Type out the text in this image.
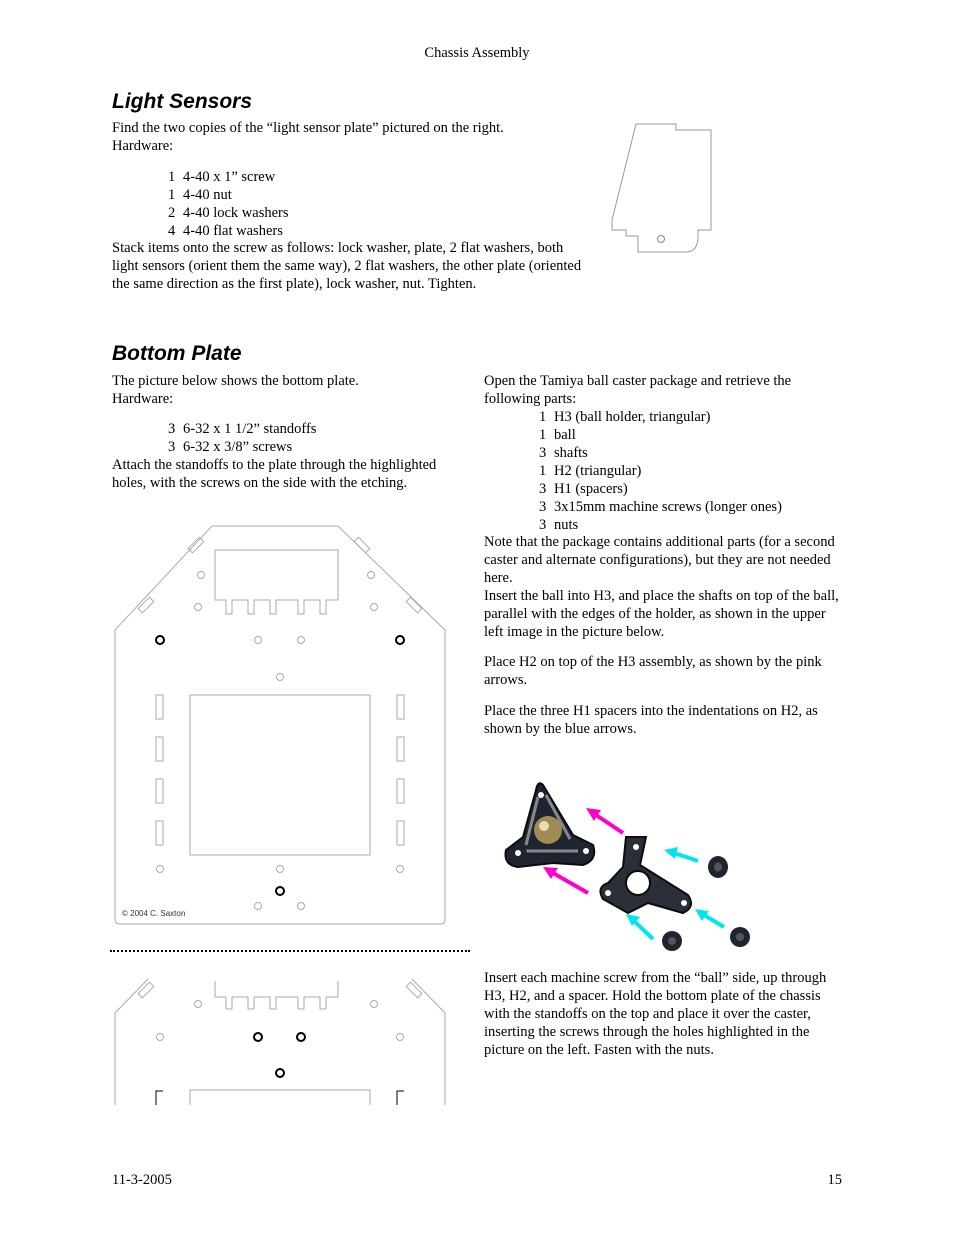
Chassis Assembly
Light Sensors

Find the two copies of the “light sensor plate” pictured on the right.

Hardware:

1 4-40 x 1” screw
1 4-40 nut
2 4-40 lock washers
4 4-40 flat washers

Stack items onto the screw as follows: lock washer, plate, 2 flat washers, both light sensors (orient them the same way), 2 flat washers, the other plate (oriented the same direction as the first plate), lock washer, nut. Tighten.

Bottom Plate

The picture below shows the bottom plate.

Hardware:

3 6-32 x 1 1/2” standoffs
3 6-32 x 3/8” screws

Attach the standoffs to the plate through the highlighted holes, with the screws on the side with the etching.

© 2004 C. Saxton

Open the Tamiya ball caster package and retrieve the following parts:

1 H3 (ball holder, triangular)
1 ball
3 shafts
1 H2 (triangular)
3 H1 (spacers)
3 3x15mm machine screws (longer ones)
3 nuts

Note that the package contains additional parts (for a second caster and alternate configurations), but they are not needed here.

Insert the ball into H3, and place the shafts on top of the ball, parallel with the edges of the holder, as shown in the upper left image in the picture below.

Place H2 on top of the H3 assembly, as shown by the pink arrows.

Place the three H1 spacers into the indentations on H2, as shown by the blue arrows.

Insert each machine screw from the “ball” side, up through H3, H2, and a spacer. Hold the bottom plate of the chassis with the standoffs on the top and place it over the caster, inserting the screws through the holes highlighted in the picture on the left. Fasten with the nuts.

11-3-2005	15
